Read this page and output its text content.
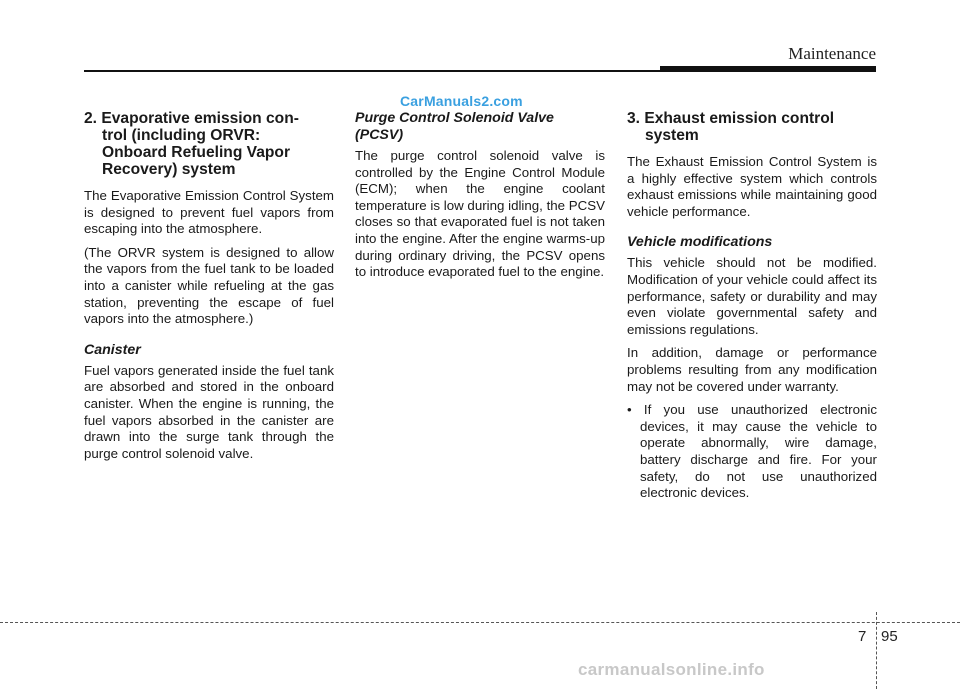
Maintenance
CarManuals2.com
2. Evaporative emission con-
trol (including ORVR:
Onboard Refueling Vapor
Recovery) system

The Evaporative Emission Control System is designed to prevent fuel vapors from escaping into the atmosphere.

(The ORVR system is designed to allow the vapors from the fuel tank to be loaded into a canister while refueling at the gas station, preventing the escape of fuel vapors into the atmosphere.)

Canister

Fuel vapors generated inside the fuel tank are absorbed and stored in the onboard canister. When the engine is running, the fuel vapors absorbed in the canister are drawn into the surge tank through the purge control solenoid valve.

Purge Control Solenoid Valve
(PCSV)

The purge control solenoid valve is controlled by the Engine Control Module (ECM); when the engine coolant temperature is low during idling, the PCSV closes so that evaporated fuel is not taken into the engine. After the engine warms-up during ordinary driving, the PCSV opens to introduce evaporated fuel to the engine.

3. Exhaust emission control
system

The Exhaust Emission Control System is a highly effective system which controls exhaust emissions while maintaining good vehicle performance.

Vehicle modifications

This vehicle should not be modified. Modification of your vehicle could affect its performance, safety or durability and may even violate governmental safety and emissions regulations.

In addition, damage or performance problems resulting from any modification may not be covered under warranty.

• If you use unauthorized electronic devices, it may cause the vehicle to operate abnormally, wire damage, battery discharge and fire. For your safety, do not use unauthorized electronic devices.

7 95
carmanualsonline.info
